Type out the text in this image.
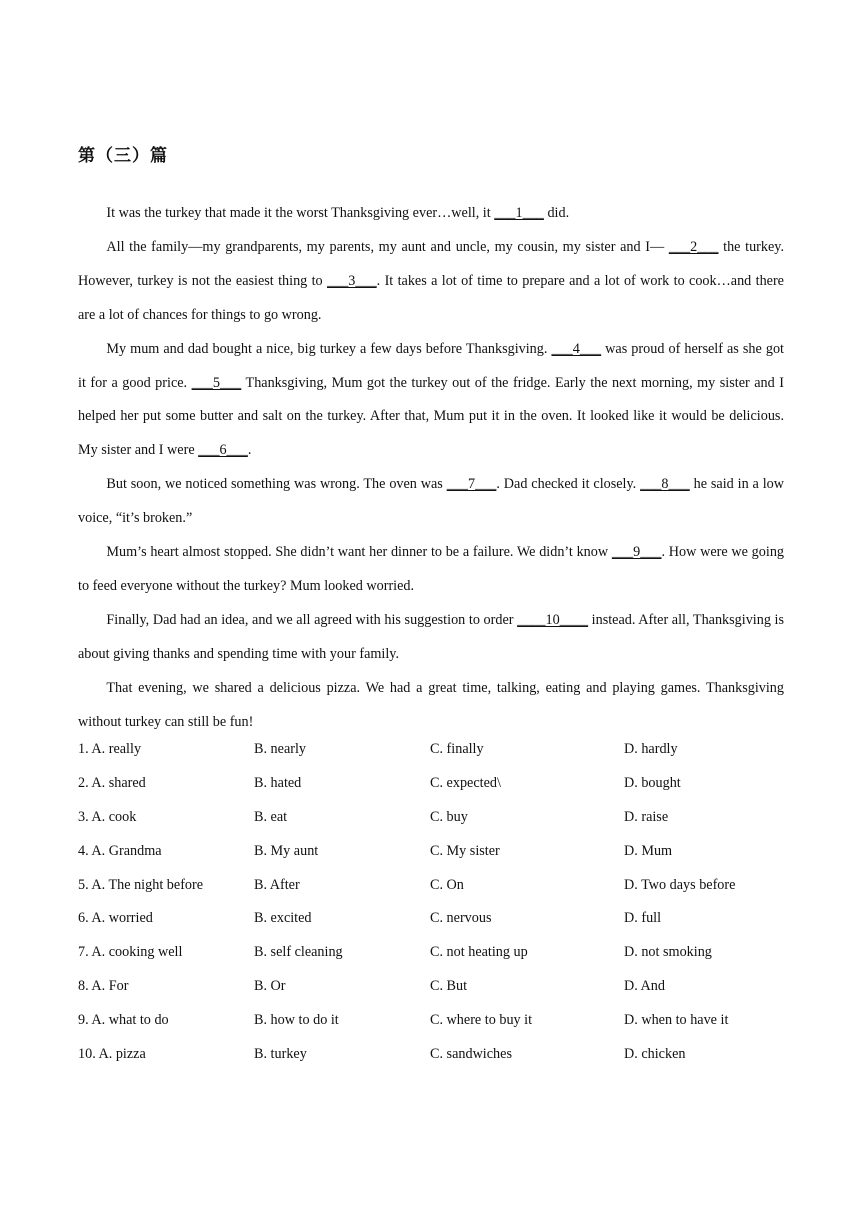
第（三）篇

It was the turkey that made it the worst Thanksgiving ever…well, it ___1___ did.

All the family—my grandparents, my parents, my aunt and uncle, my cousin, my sister and I— ___2___ the turkey. However, turkey is not the easiest thing to ___3___. It takes a lot of time to prepare and a lot of work to cook…and there are a lot of chances for things to go wrong.

My mum and dad bought a nice, big turkey a few days before Thanksgiving. ___4___ was proud of herself as she got it for a good price. ___5___ Thanksgiving, Mum got the turkey out of the fridge. Early the next morning, my sister and I helped her put some butter and salt on the turkey. After that, Mum put it in the oven. It looked like it would be delicious. My sister and I were ___6___.

But soon, we noticed something was wrong. The oven was ___7___. Dad checked it closely. ___8___ he said in a low voice, “it’s broken.”

Mum’s heart almost stopped. She didn’t want her dinner to be a failure. We didn’t know ___9___. How were we going to feed everyone without the turkey? Mum looked worried.

Finally, Dad had an idea, and we all agreed with his suggestion to order ____10____ instead. After all, Thanksgiving is about giving thanks and spending time with your family.

That evening, we shared a delicious pizza. We had a great time, talking, eating and playing games. Thanksgiving without turkey can still be fun!

1. A. really	B. nearly	C. finally	D. hardly
2. A. shared	B. hated	C. expected\	D. bought
3. A. cook	B. eat	C. buy	D. raise
4. A. Grandma	B. My aunt	C. My sister	D. Mum
5. A. The night before	B. After	C. On	D. Two days before
6. A. worried	B. excited	C. nervous	D. full
7. A. cooking well	B. self cleaning	C. not heating up	D. not smoking
8. A. For	B. Or	C. But	D. And
9. A. what to do	B. how to do it	C. where to buy it	D. when to have it
10. A. pizza	B. turkey	C. sandwiches	D. chicken
